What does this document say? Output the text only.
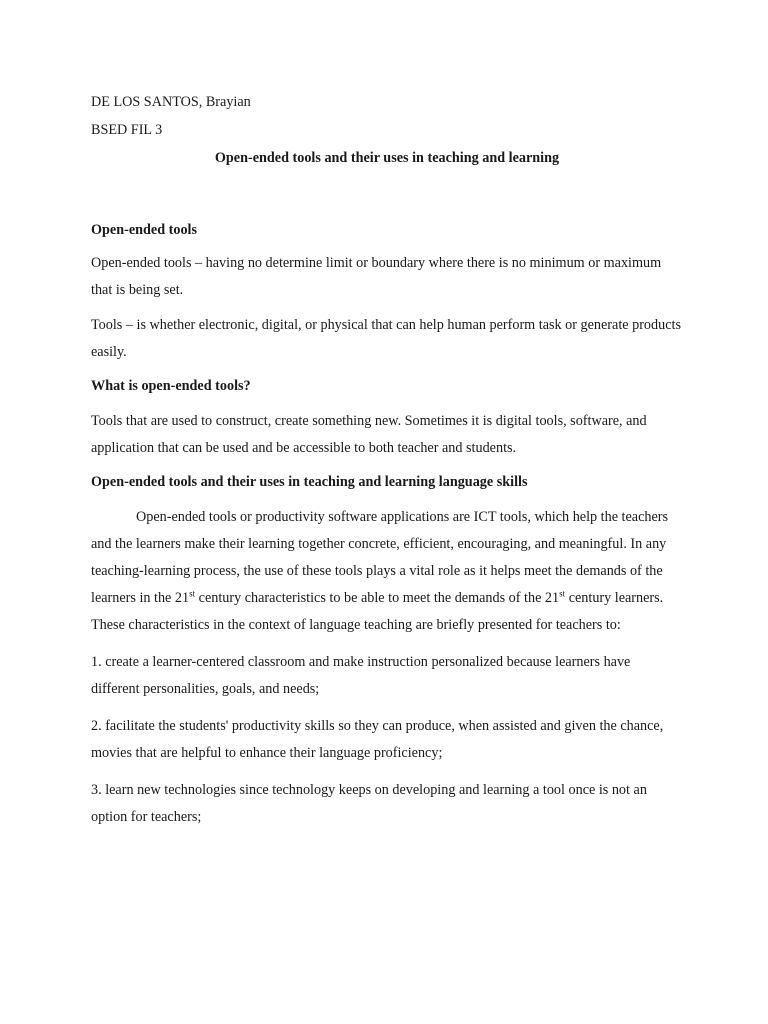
DE LOS SANTOS, Brayian

BSED FIL 3

Open-ended tools and their uses in teaching and learning

Open-ended tools

Open-ended tools – having no determine limit or boundary where there is no minimum or maximum that is being set.

Tools – is whether electronic, digital, or physical that can help human perform task or generate products easily.

What is open-ended tools?

Tools that are used to construct, create something new. Sometimes it is digital tools, software, and application that can be used and be accessible to both teacher and students.

Open-ended tools and their uses in teaching and learning language skills

Open-ended tools or productivity software applications are ICT tools, which help the teachers and the learners make their learning together concrete, efficient, encouraging, and meaningful. In any teaching-learning process, the use of these tools plays a vital role as it helps meet the demands of the learners in the 21st century characteristics to be able to meet the demands of the 21st century learners. These characteristics in the context of language teaching are briefly presented for teachers to:

1. create a learner-centered classroom and make instruction personalized because learners have different personalities, goals, and needs;

2. facilitate the students' productivity skills so they can produce, when assisted and given the chance, movies that are helpful to enhance their language proficiency;

3. learn new technologies since technology keeps on developing and learning a tool once is not an option for teachers;
